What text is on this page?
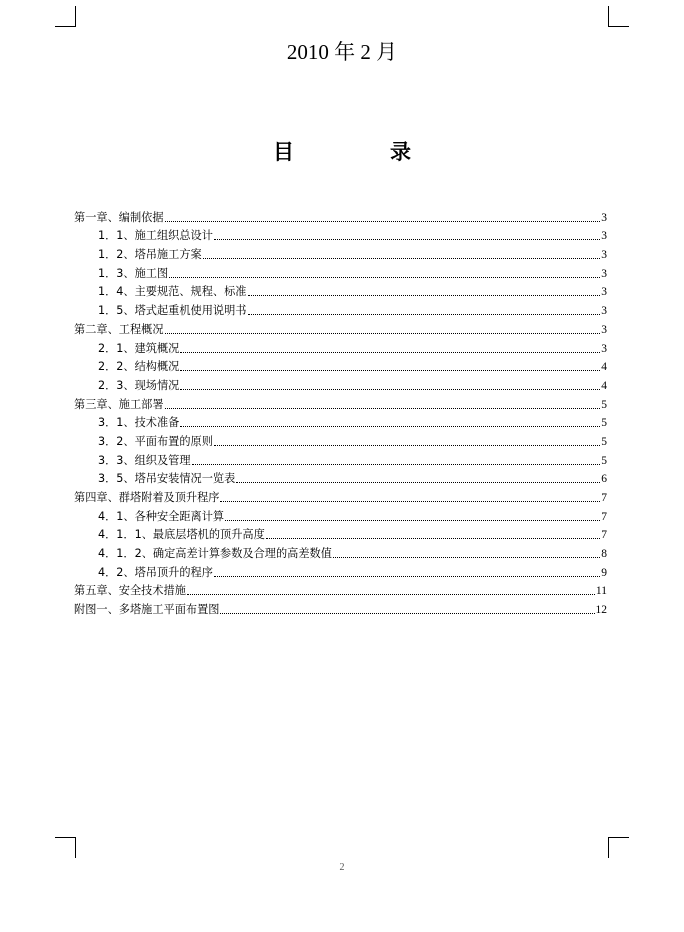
2010 年 2 月
目	录
第一章、编制依据	3
1．1、施工组织总设计	3
1．2、塔吊施工方案	3
1．3、施工图	3
1．4、主要规范、规程、标准	3
1．5、塔式起重机使用说明书	3
第二章、工程概况	3
2．1、建筑概况	3
2．2、结构概况	4
2．3、现场情况	4
第三章、施工部署	5
3．1、技术准备	5
3．2、平面布置的原则	5
3．3、组织及管理	5
3．5、塔吊安装情况一览表	6
第四章、群塔附着及顶升程序	7
4．1、各种安全距离计算	7
4．1．1、最底层塔机的顶升高度	7
4．1．2、确定高差计算参数及合理的高差数值	8
4．2、塔吊顶升的程序	9
第五章、安全技术措施	11
附图一、多塔施工平面布置图	12
2
